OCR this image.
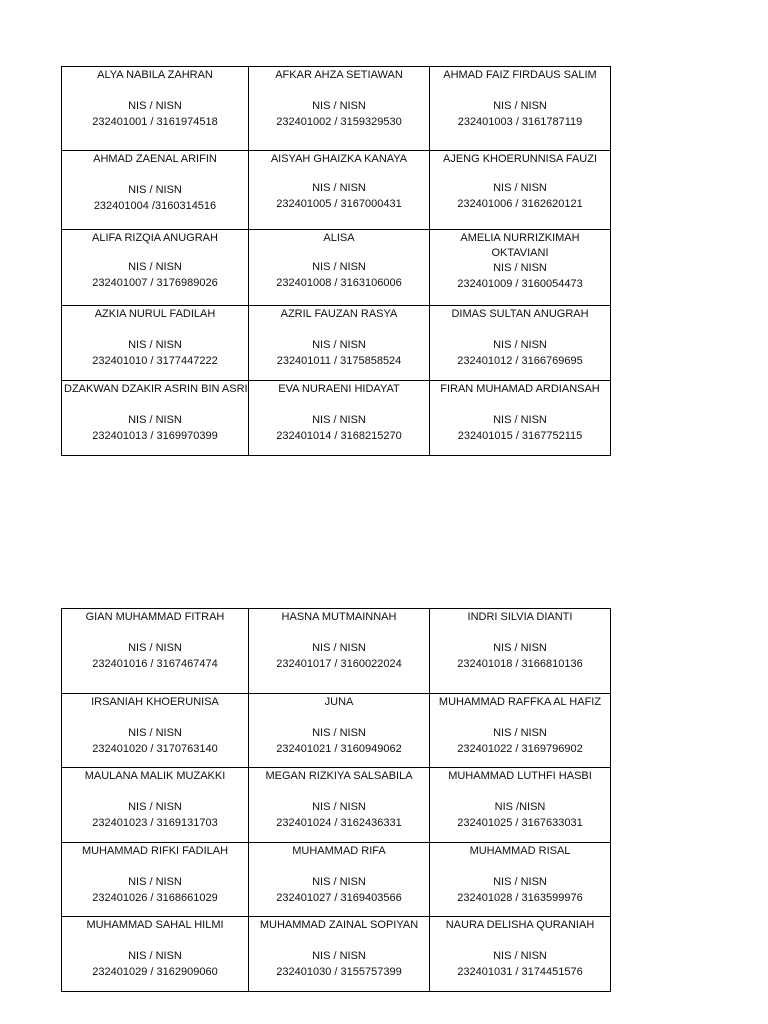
ALYA NABILA ZAHRAN
NIS / NISN
232401001 / 3161974518	AFKAR AHZA SETIAWAN
NIS / NISN
232401002 / 3159329530	AHMAD FAIZ FIRDAUS SALIM
NIS / NISN
232401003 / 3161787119

AHMAD ZAENAL ARIFIN
NIS / NISN
232401004 /3160314516	AISYAH GHAIZKA KANAYA
NIS / NISN
232401005 / 3167000431	AJENG KHOERUNNISA FAUZI
NIS / NISN
232401006 / 3162620121

ALIFA RIZQIA ANUGRAH
NIS / NISN
232401007 / 3176989026	ALISA
NIS / NISN
232401008 / 3163106006	AMELIA NURRIZKIMAH OKTAVIANI
NIS / NISN
232401009 / 3160054473

AZKIA NURUL FADILAH
NIS / NISN
232401010 / 3177447222	AZRIL FAUZAN RASYA
NIS / NISN
232401011 / 3175858524	DIMAS SULTAN ANUGRAH
NIS / NISN
232401012 / 3166769695

DZAKWAN DZAKIR ASRIN BIN ASRI
NIS / NISN
232401013 / 3169970399	EVA NURAENI HIDAYAT
NIS / NISN
232401014 / 3168215270	FIRAN MUHAMAD ARDIANSAH
NIS / NISN
232401015 / 3167752115
GIAN MUHAMMAD FITRAH
NIS / NISN
232401016 / 3167467474	HASNA MUTMAINNAH
NIS / NISN
232401017 / 3160022024	INDRI SILVIA DIANTI
NIS / NISN
232401018 / 3166810136

IRSANIAH KHOERUNISA
NIS / NISN
232401020 / 3170763140	JUNA
NIS / NISN
232401021 / 3160949062	MUHAMMAD RAFFKA AL HAFIZ
NIS / NISN
232401022 / 3169796902

MAULANA MALIK MUZAKKI
NIS / NISN
232401023 / 3169131703	MEGAN RIZKIYA SALSABILA
NIS / NISN
232401024 / 3162436331	MUHAMMAD LUTHFI HASBI
NIS /NISN
232401025 / 3167633031

MUHAMMAD RIFKI FADILAH
NIS / NISN
232401026 / 3168661029	MUHAMMAD RIFA
NIS / NISN
232401027 / 3169403566	MUHAMMAD RISAL
NIS / NISN
232401028 / 3163599976

MUHAMMAD SAHAL HILMI
NIS / NISN
232401029 / 3162909060	MUHAMMAD ZAINAL SOPIYAN
NIS / NISN
232401030 / 3155757399	NAURA DELISHA QURANIAH
NIS / NISN
232401031 / 3174451576
